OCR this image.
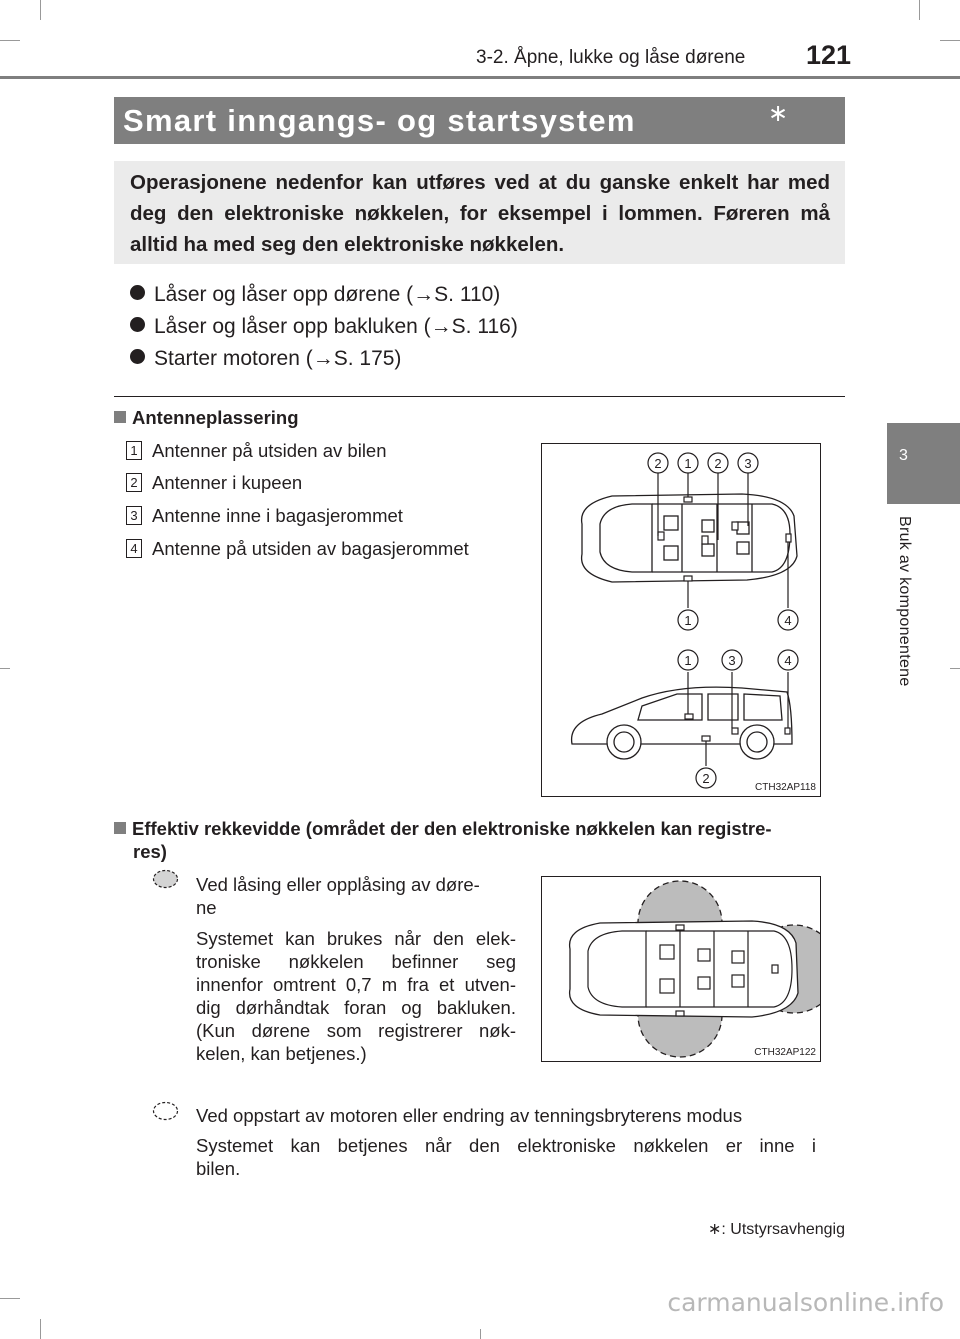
3-2. Åpne, lukke og låse dørene 121
3
Bruk av komponentene
Smart inngangs- og startsystem	∗
Operasjonene nedenfor kan utføres ved at du ganske enkelt har med deg den elektroniske nøkkelen, for eksempel i lommen. Føreren må alltid ha med seg den elektroniske nøkkelen.
Låser og låser opp dørene (→S. 110)
Låser og låser opp bakluken (→S. 116)
Starter motoren (→S. 175)
Antenneplassering
1 Antenner på utsiden av bilen
2 Antenner i kupeen
3 Antenne inne i bagasjerommet
4 Antenne på utsiden av bagasjerommet
2 1 2 3
1	4
1	3	4
2
CTH32AP118
Effektiv rekkevidde (området der den elektroniske nøkkelen kan registre-
res)
Ved låsing eller opplåsing av døre-
ne
Systemet kan brukes når den elek-
troniske nøkkelen befinner seg
innenfor omtrent 0,7 m fra et utven-
dig dørhåndtak foran og bakluken.
(Kun dørene som registrerer nøk-
kelen, kan betjenes.)	CTH32AP122
Ved oppstart av motoren eller endring av tenningsbryterens modus
Systemet kan betjenes når den elektroniske nøkkelen er inne i
bilen.
∗: Utstyrsavhengig
carmanualsonline.info
